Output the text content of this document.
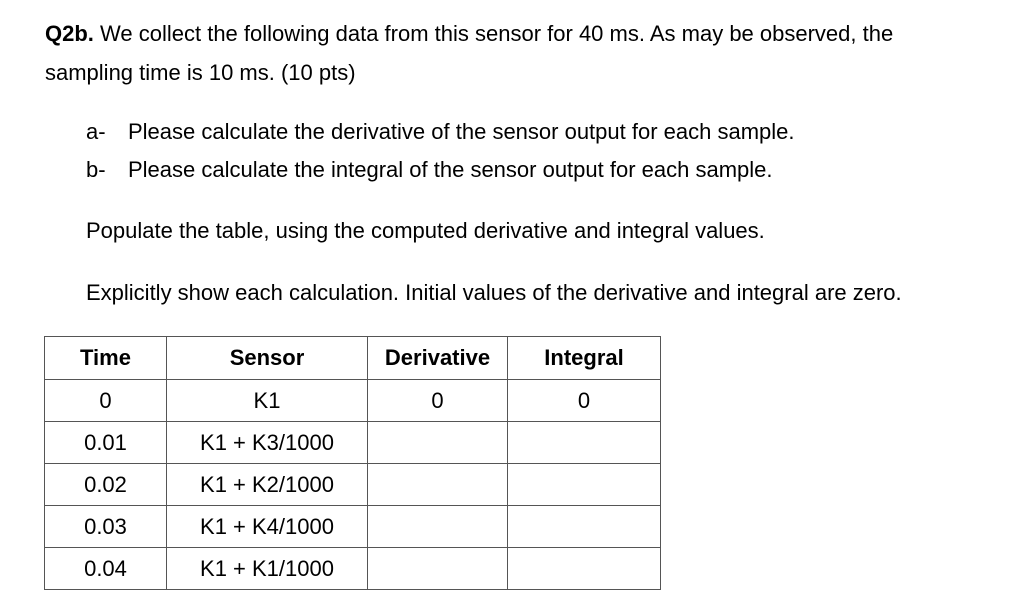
Q2b. We collect the following data from this sensor for 40 ms. As may be observed, the
sampling time is 10 ms. (10 pts)
a- Please calculate the derivative of the sensor output for each sample.
b- Please calculate the integral of the sensor output for each sample.
Populate the table, using the computed derivative and integral values.
Explicitly show each calculation. Initial values of the derivative and integral are zero.
Time	Sensor	Derivative	Integral
0	K1	0	0
0.01	K1 + K3/1000		
0.02	K1 + K2/1000		
0.03	K1 + K4/1000		
0.04	K1 + K1/1000		
